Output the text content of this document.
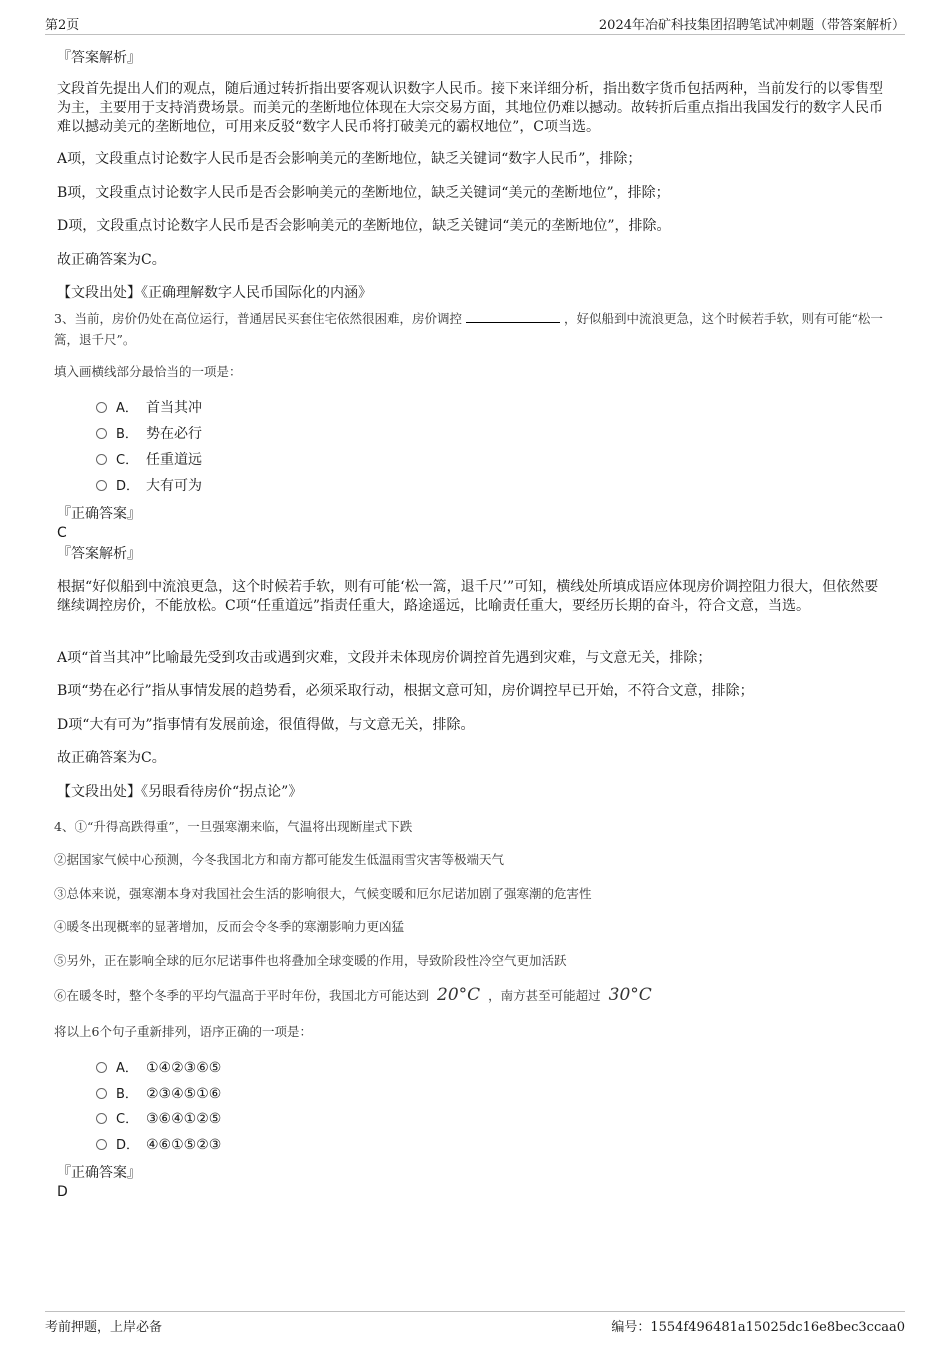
第2页	2024年冶矿科技集团招聘笔试冲刺题（带答案解析）
『答案解析』
文段首先提出人们的观点，随后通过转折指出要客观认识数字人民币。接下来详细分析，指出数字货币包括两种，当前发行的以零售型为主，主要用于支持消费场景。而美元的垄断地位体现在大宗交易方面，其地位仍难以撼动。故转折后重点指出我国发行的数字人民币难以撼动美元的垄断地位，可用来反驳“数字人民币将打破美元的霸权地位”，C项当选。
A项，文段重点讨论数字人民币是否会影响美元的垄断地位，缺乏关键词“数字人民币”，排除；
B项，文段重点讨论数字人民币是否会影响美元的垄断地位，缺乏关键词“美元的垄断地位”，排除；
D项，文段重点讨论数字人民币是否会影响美元的垄断地位，缺乏关键词“美元的垄断地位”，排除。
故正确答案为C。
【文段出处】《正确理解数字人民币国际化的内涵》
3、当前，房价仍处在高位运行，普通居民买套住宅依然很困难，房价调控	，好似船到中流浪更急，这个时候若手软，则有可能“松一篙，退千尺”。
填入画横线部分最恰当的一项是：
A． 首当其冲
B． 势在必行
C． 任重道远
D． 大有可为
『正确答案』
C
『答案解析』
根据“好似船到中流浪更急，这个时候若手软，则有可能‘松一篙，退千尺’”可知，横线处所填成语应体现房价调控阻力很大，但依然要继续调控房价，不能放松。C项“任重道远”指责任重大，路途遥远，比喻责任重大，要经历长期的奋斗，符合文意，当选。
A项“首当其冲”比喻最先受到攻击或遇到灾难，文段并未体现房价调控首先遇到灾难，与文意无关，排除；
B项“势在必行”指从事情发展的趋势看，必须采取行动，根据文意可知，房价调控早已开始，不符合文意，排除；
D项“大有可为”指事情有发展前途，很值得做，与文意无关，排除。
故正确答案为C。
【文段出处】《另眼看待房价“拐点论”》
4、①“升得高跌得重”，一旦强寒潮来临，气温将出现断崖式下跌
②据国家气候中心预测，今冬我国北方和南方都可能发生低温雨雪灾害等极端天气
③总体来说，强寒潮本身对我国社会生活的影响很大，气候变暖和厄尔尼诺加剧了强寒潮的危害性
④暖冬出现概率的显著增加，反而会令冬季的寒潮影响力更凶猛
⑤另外，正在影响全球的厄尔尼诺事件也将叠加全球变暖的作用，导致阶段性冷空气更加活跃
⑥在暖冬时，整个冬季的平均气温高于平时年份，我国北方可能达到 20°C ，南方甚至可能超过 30°C
将以上6个句子重新排列，语序正确的一项是：
A． ①④②③⑥⑤
B． ②③④⑤①⑥
C． ③⑥④①②⑤
D． ④⑥①⑤②③
『正确答案』
D
考前押题，上岸必备	编号：1554f496481a15025dc16e8bec3ccaa0
